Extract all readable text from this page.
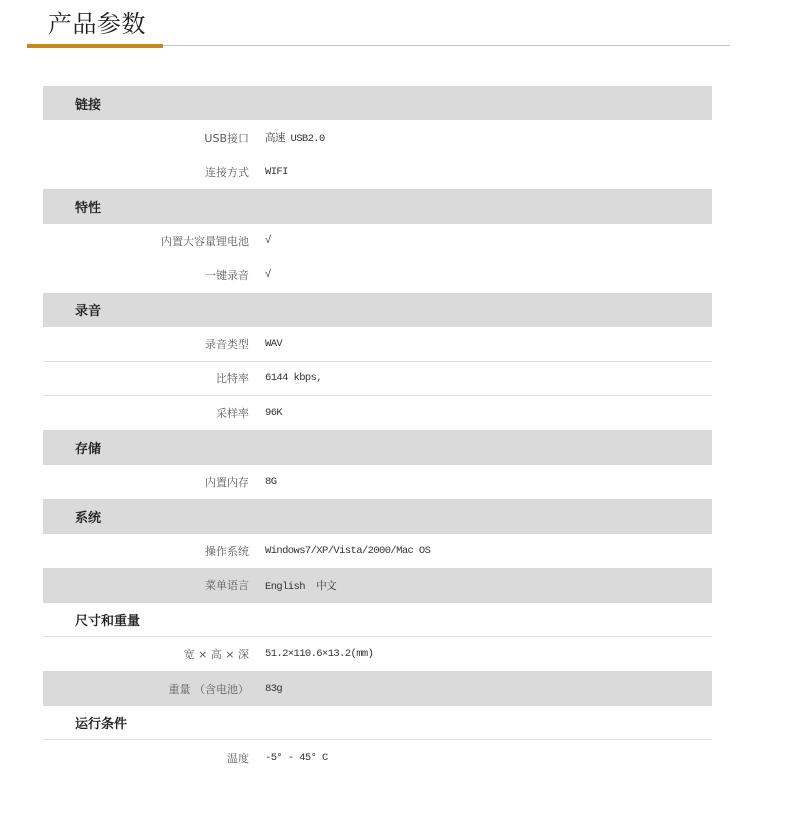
产品参数
链接
USB接口 高速 USB2.0
连接方式 WIFI
特性
内置大容量锂电池 √
一键录音 √
录音
录音类型 WAV
比特率 6144 kbps,
采样率 96K
存储
内置内存 8G
系统
操作系统 Windows7/XP/Vista/2000/Mac OS
菜单语言 English  中文
尺寸和重量
宽 × 高 × 深 51.2×110.6×13.2(mm)
重量 （含电池） 83g
运行条件
温度 -5° - 45° C
